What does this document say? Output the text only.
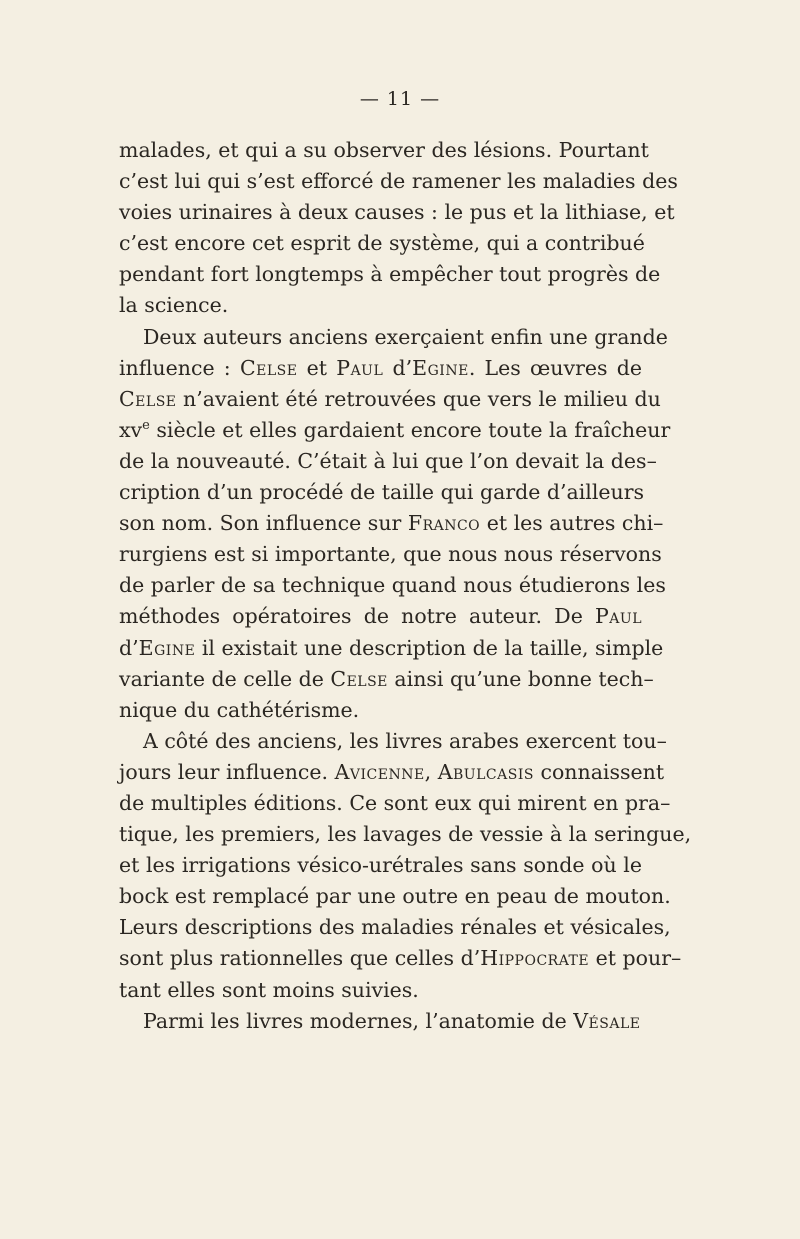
— 11 —
malades, et qui a su observer des lésions. Pourtant
c’est lui qui s’est efforcé de ramener les maladies des
voies urinaires à deux causes : le pus et la lithiase, et
c’est encore cet esprit de système, qui a contribué
pendant fort longtemps à empêcher tout progrès de
la science.
Deux auteurs anciens exerçaient enfin une grande
influence : Celse et Paul d’Egine. Les œuvres de
Celse n’avaient été retrouvées que vers le milieu du
$xv^e$ siècle et elles gardaient encore toute la fraîcheur
de la nouveauté. C’était à lui que l’on devait la des–
cription d’un procédé de taille qui garde d’ailleurs
son nom. Son influence sur Franco et les autres chi–
rurgiens est si importante, que nous nous réservons
de parler de sa technique quand nous étudierons les
méthodes opératoires de notre auteur. De Paul
d’Egine il existait une description de la taille, simple
variante de celle de Celse ainsi qu’une bonne tech–
nique du cathétérisme.
A côté des anciens, les livres arabes exercent tou–
jours leur influence. Avicenne, Abulcasis connaissent
de multiples éditions. Ce sont eux qui mirent en pra–
tique, les premiers, les lavages de vessie à la seringue,
et les irrigations vésico-urétrales sans sonde où le
bock est remplacé par une outre en peau de mouton.
Leurs descriptions des maladies rénales et vésicales,
sont plus rationnelles que celles d’Hippocrate et pour–
tant elles sont moins suivies.
Parmi les livres modernes, l’anatomie de Vésale
